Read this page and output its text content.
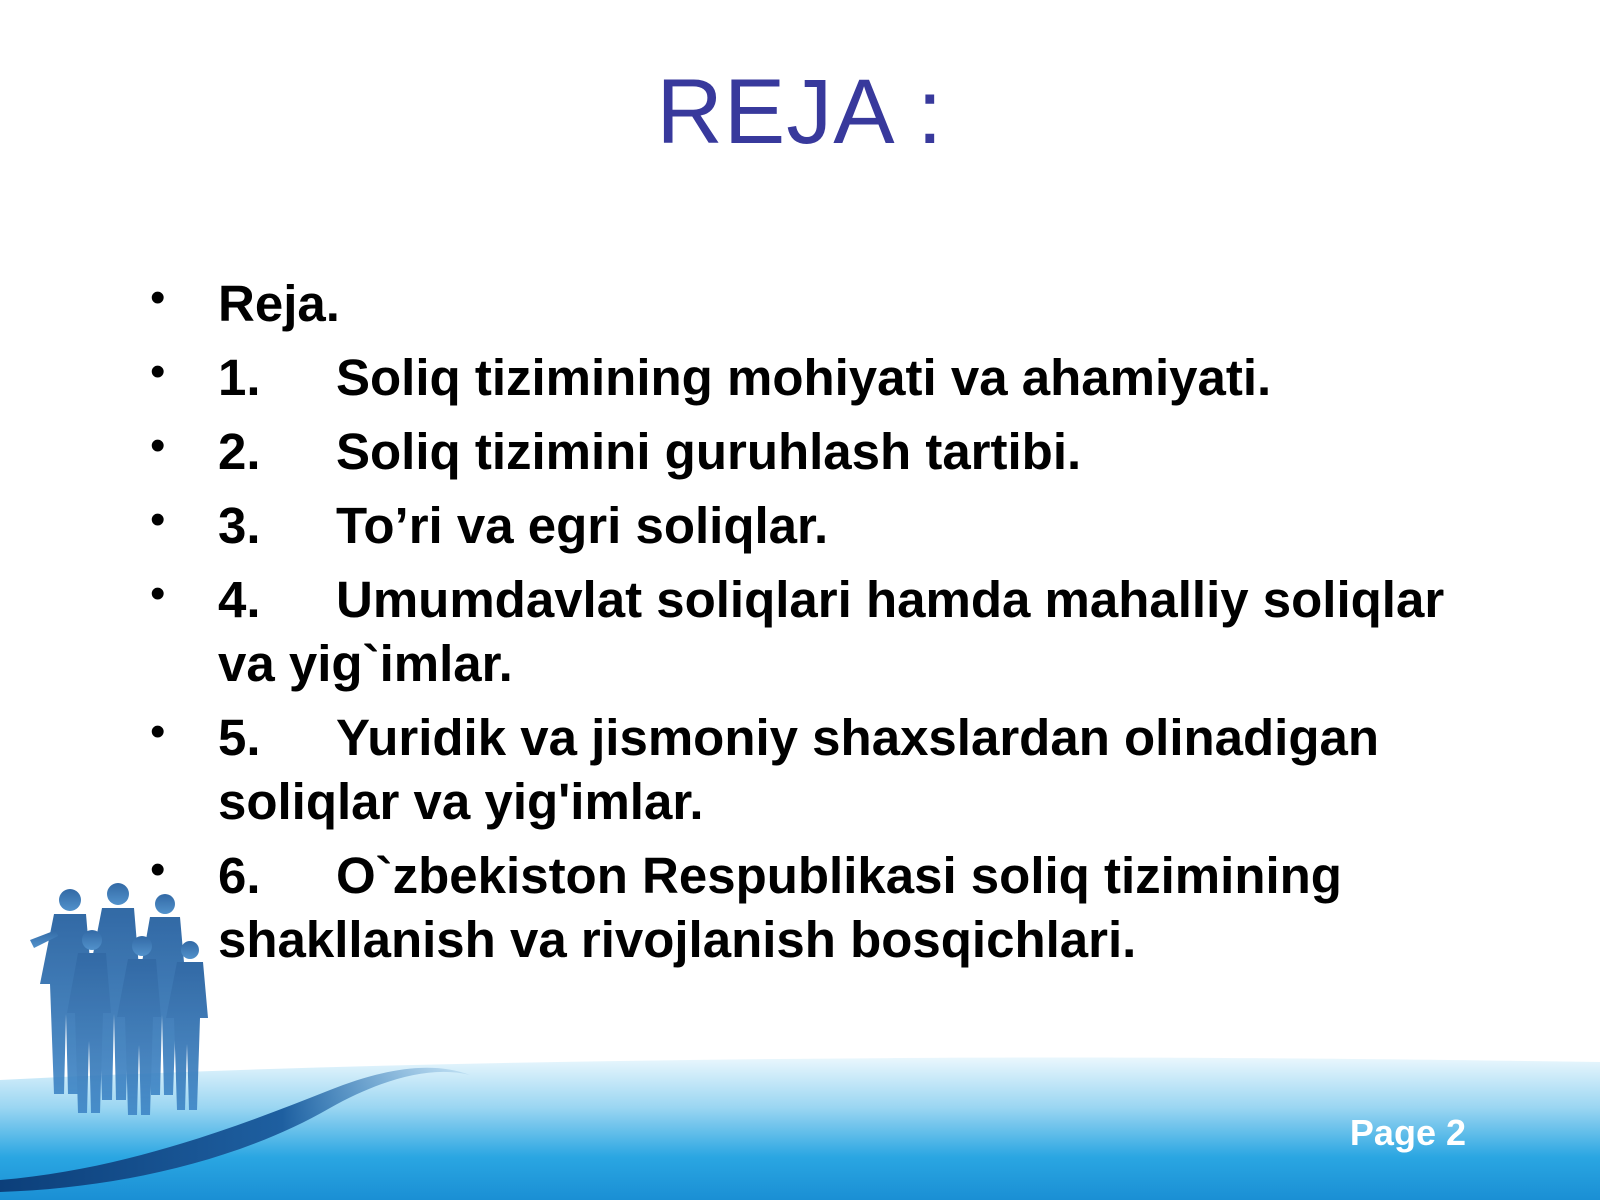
REJA :
• Reja.
• 1. Soliq tizimining mohiyati va ahamiyati.
• 2. Soliq tizimini guruhlash tartibi.
• 3. To’ri va egri soliqlar.
• 4. Umumdavlat soliqlari hamda mahalliy soliqlar va yig`imlar.
• 5. Yuridik va jismoniy shaxslardan olinadigan soliqlar va yig'imlar.
• 6. O`zbekiston Respublikasi soliq tizimining shakllanish va rivojlanish bosqichlari.
Page 2
